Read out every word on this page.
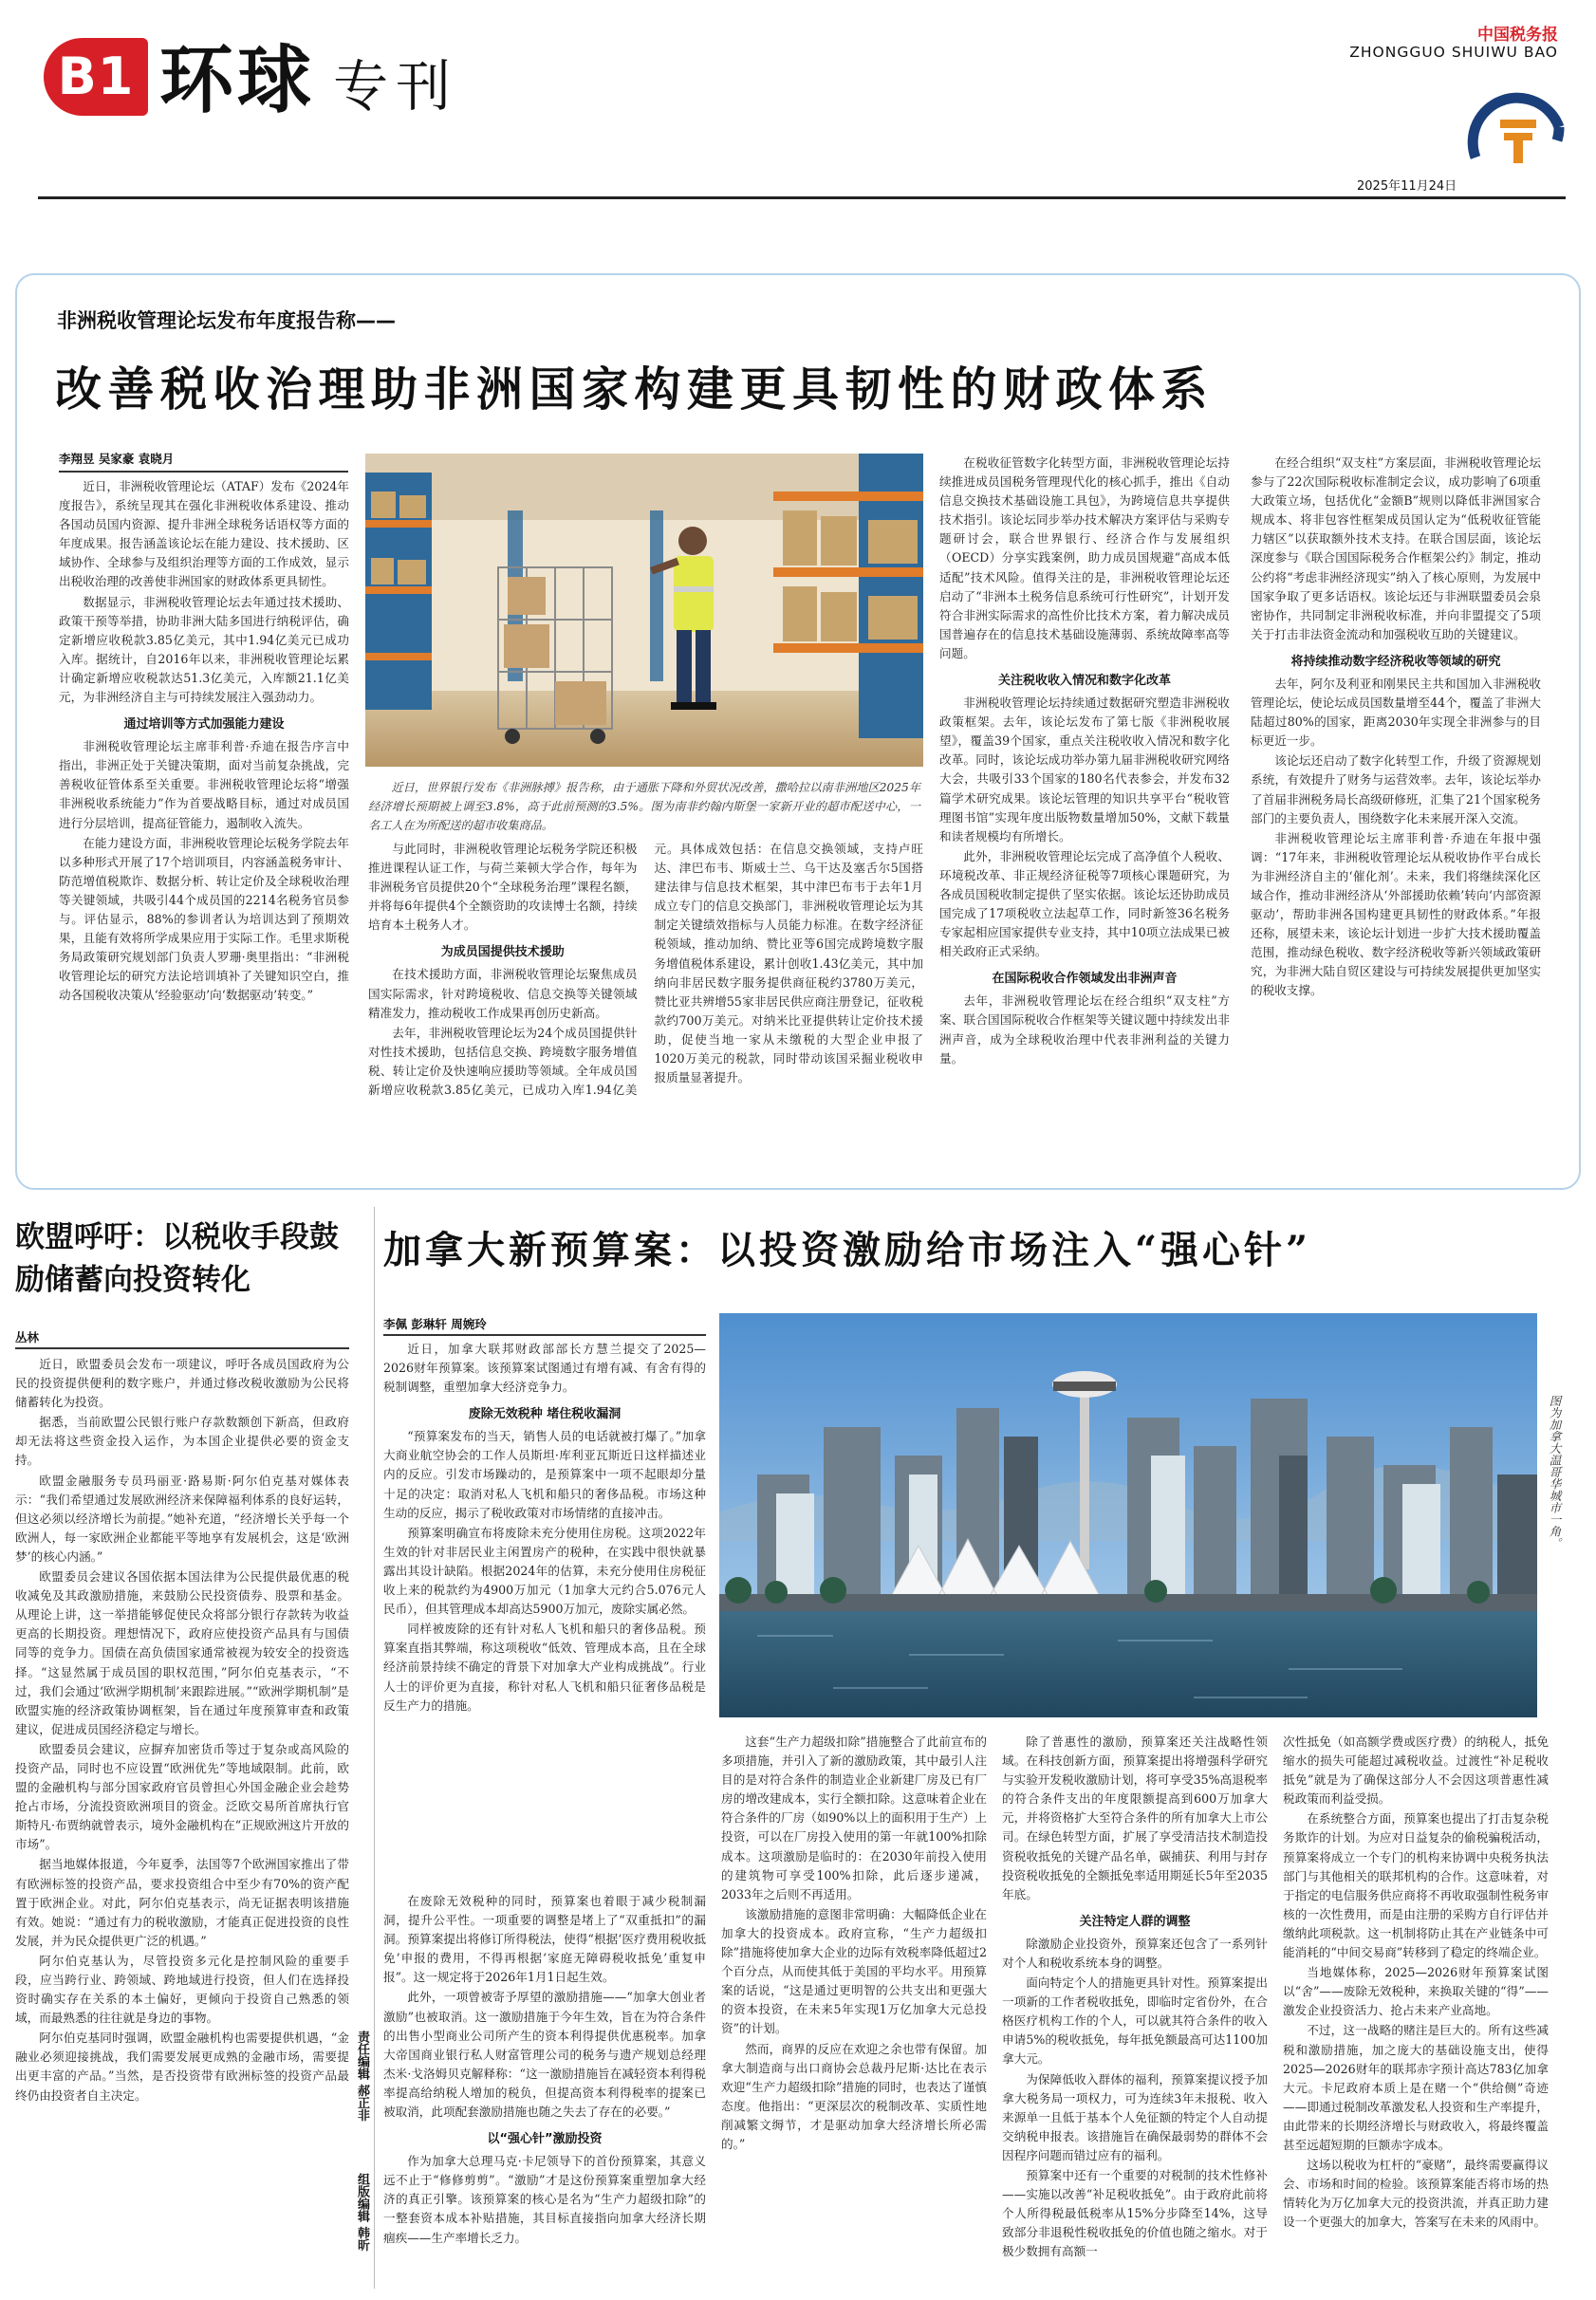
B1 环球 专刊
中国税务报
ZHONGGUO SHUIWU BAO
2025年11月24日
非洲税收管理论坛发布年度报告称——
改善税收治理助非洲国家构建更具韧性的财政体系
李翔昱 吴家豪 袁晓月

近日，非洲税收管理论坛（ATAF）发布《2024年度报告》，系统呈现其在强化非洲税收体系建设、推动各国动员国内资源、提升非洲全球税务话语权等方面的年度成果。报告涵盖该论坛在能力建设、技术援助、区域协作、全球参与及组织治理等方面的工作成效，显示出税收治理的改善使非洲国家的财政体系更具韧性。

数据显示，非洲税收管理论坛去年通过技术援助、政策干预等举措，协助非洲大陆多国进行纳税评估，确定新增应收税款3.85亿美元，其中1.94亿美元已成功入库。据统计，自2016年以来，非洲税收管理论坛累计确定新增应收税款达51.3亿美元，入库额21.1亿美元，为非洲经济自主与可持续发展注入强劲动力。

通过培训等方式加强能力建设

非洲税收管理论坛主席菲利普·乔迪在报告序言中指出，非洲正处于关键决策期，面对当前复杂挑战，完善税收征管体系至关重要。非洲税收管理论坛将“增强非洲税收系统能力”作为首要战略目标，通过对成员国进行分层培训，提高征管能力，遏制收入流失。

在能力建设方面，非洲税收管理论坛税务学院去年以多种形式开展了17个培训项目，内容涵盖税务审计、防范增值税欺诈、数据分析、转让定价及全球税收治理等关键领域，共吸引44个成员国的2214名税务官员参与。评估显示，88%的参训者认为培训达到了预期效果，且能有效将所学成果应用于实际工作。毛里求斯税务局政策研究规划部门负责人罗珊·奥里指出：“非洲税收管理论坛的研究方法论培训填补了关键知识空白，推动各国税收决策从‘经验驱动’向‘数据驱动’转变。”

近日，世界银行发布《非洲脉搏》报告称，由于通胀下降和外贸状况改善，撒哈拉以南非洲地区2025年经济增长预期被上调至3.8%，高于此前预测的3.5%。图为南非约翰内斯堡一家新开业的超市配送中心，一名工人在为所配送的超市收集商品。

与此同时，非洲税收管理论坛税务学院还积极推进课程认证工作，与荷兰莱顿大学合作，每年为非洲税务官员提供20个“全球税务治理”课程名额，并将每6年提供4个全额资助的攻读博士名额，持续培育本土税务人才。

为成员国提供技术援助

在技术援助方面，非洲税收管理论坛聚焦成员国实际需求，针对跨境税收、信息交换等关键领域精准发力，推动税收工作成果再创历史新高。

去年，非洲税收管理论坛为24个成员国提供针对性技术援助，包括信息交换、跨境数字服务增值税、转让定价及快速响应援助等领域。全年成员国新增应收税款3.85亿美元，已成功入库1.94亿美元。具体成效包括：在信息交换领域，支持卢旺达、津巴布韦、斯威士兰、乌干达及塞舌尔5国搭建法律与信息技术框架，其中津巴布韦于去年1月成立专门的信息交换部门，非洲税收管理论坛为其制定关键绩效指标与人员能力标准。在数字经济征税领域，推动加纳、赞比亚等6国完成跨境数字服务增值税体系建设，累计创收1.43亿美元，其中加纳向非居民数字服务提供商征税约3780万美元，赞比亚共辨增55家非居民供应商注册登记，征收税款约700万美元。对纳米比亚提供转让定价技术援助，促使当地一家从未缴税的大型企业申报了1020万美元的税款，同时带动该国采掘业税收申报质量显著提升。

在税收征管数字化转型方面，非洲税收管理论坛持续推进成员国税务管理现代化的核心抓手，推出《自动信息交换技术基础设施工具包》，为跨境信息共享提供技术指引。该论坛同步举办技术解决方案评估与采购专题研讨会，联合世界银行、经济合作与发展组织（OECD）分享实践案例，助力成员国规避“高成本低适配”技术风险。值得关注的是，非洲税收管理论坛还启动了“非洲本土税务信息系统可行性研究”，计划开发符合非洲实际需求的高性价比技术方案，着力解决成员国普遍存在的信息技术基础设施薄弱、系统故障率高等问题。

关注税收收入情况和数字化改革

非洲税收管理论坛持续通过数据研究塑造非洲税收政策框架。去年，该论坛发布了第七版《非洲税收展望》，覆盖39个国家，重点关注税收收入情况和数字化改革。同时，该论坛成功举办第九届非洲税收研究网络大会，共吸引33个国家的180名代表参会，并发布32篇学术研究成果。该论坛管理的知识共享平台“税收管理图书馆”实现年度出版物数量增加50%，文献下载量和读者规模均有所增长。

此外，非洲税收管理论坛完成了高净值个人税收、环境税改革、非正规经济征税等7项核心课题研究，为各成员国税收制定提供了坚实依据。该论坛还协助成员国完成了17项税收立法起草工作，同时新签36名税务专家起相应国家提供专业支持，其中10项立法成果已被相关政府正式采纳。

在国际税收合作领域发出非洲声音

去年，非洲税收管理论坛在经合组织“双支柱”方案、联合国国际税收合作框架等关键议题中持续发出非洲声音，成为全球税收治理中代表非洲利益的关键力量。

在经合组织“双支柱”方案层面，非洲税收管理论坛参与了22次国际税收标准制定会议，成功影响了6项重大政策立场，包括优化“金额B”规则以降低非洲国家合规成本、将非包容性框架成员国认定为“低税收征管能力辖区”以获取额外技术支持。在联合国层面，该论坛深度参与《联合国国际税务合作框架公约》制定，推动公约将“考虑非洲经济现实”纳入了核心原则，为发展中国家争取了更多话语权。该论坛还与非洲联盟委员会泉密协作，共同制定非洲税收标准，并向非盟提交了5项关于打击非法资金流动和加强税收互助的关键建议。

将持续推动数字经济税收等领域的研究

去年，阿尔及利亚和刚果民主共和国加入非洲税收管理论坛，使论坛成员国数量增至44个，覆盖了非洲大陆超过80%的国家，距离2030年实现全非洲参与的目标更近一步。

该论坛还启动了数字化转型工作，升级了资源规划系统，有效提升了财务与运营效率。去年，该论坛举办了首届非洲税务局长高级研修班，汇集了21个国家税务部门的主要负责人，围绕数字化未来展开深入交流。

非洲税收管理论坛主席菲利普·乔迪在年报中强调：“17年来，非洲税收管理论坛从税收协作平台成长为非洲经济自主的‘催化剂’。未来，我们将继续深化区域合作，推动非洲经济从‘外部援助依赖’转向‘内部资源驱动’，帮助非洲各国构建更具韧性的财政体系。”年报还称，展望未来，该论坛计划进一步扩大技术援助覆盖范围，推动绿色税收、数字经济税收等新兴领域政策研究，为非洲大陆自贸区建设与可持续发展提供更加坚实的税收支撑。

欧盟呼吁：以税收手段鼓励储蓄向投资转化
丛林

近日，欧盟委员会发布一项建议，呼吁各成员国政府为公民的投资提供便利的数字账户，并通过修改税收激励为公民将储蓄转化为投资。

据悉，当前欧盟公民银行账户存款数额创下新高，但政府却无法将这些资金投入运作，为本国企业提供必要的资金支持。

欧盟金融服务专员玛丽亚·路易斯·阿尔伯克基对媒体表示：“我们希望通过发展欧洲经济来保障福利体系的良好运转，但这必须以经济增长为前提。”她补充道，“经济增长关乎每一个欧洲人，每一家欧洲企业都能平等地享有发展机会，这是‘欧洲梦’的核心内涵。”

欧盟委员会建议各国依据本国法律为公民提供最优惠的税收减免及其政激励措施，来鼓励公民投资债券、股票和基金。从理论上讲，这一举措能够促使民众将部分银行存款转为收益更高的长期投资。理想情况下，政府应使投资产品具有与国债同等的竞争力。国债在高负债国家通常被视为较安全的投资选择。“这显然属于成员国的职权范围，”阿尔伯克基表示，“不过，我们会通过‘欧洲学期机制’来跟踪进展。”“欧洲学期机制”是欧盟实施的经济政策协调框架，旨在通过年度预算审查和政策建议，促进成员国经济稳定与增长。

欧盟委员会建议，应摒弃加密货币等过于复杂或高风险的投资产品，同时也不应设置“欧洲优先”等地域限制。此前，欧盟的金融机构与部分国家政府官员曾担心外国金融企业会趁势抢占市场，分流投资欧洲项目的资金。泛欧交易所首席执行官斯特凡·布贾纳就曾表示，境外金融机构在“正规欧洲这片开放的市场”。

据当地媒体报道，今年夏季，法国等7个欧洲国家推出了带有欧洲标签的投资产品，要求投资组合中至少有70%的资产配置于欧洲企业。对此，阿尔伯克基表示，尚无证据表明该措施有效。她说：“通过有力的税收激励，才能真正促进投资的良性发展，并为民众提供更广泛的机遇。”

阿尔伯克基认为，尽管投资多元化是控制风险的重要手段，应当跨行业、跨领域、跨地域进行投资，但人们在选择投资时确实存在关系的本土偏好，更倾向于投资自己熟悉的领域，而最熟悉的往往就是身边的事物。

阿尔伯克基同时强调，欧盟金融机构也需要提供机遇，“金融业必须迎接挑战，我们需要发展更成熟的金融市场，需要提出更丰富的产品。”当然，是否投资带有欧洲标签的投资产品最终仍由投资者自主决定。	责任编辑 郝正非
组版编辑 韩昕
加拿大新预算案：以投资激励给市场注入“强心针”
李佩 彭琳轩 周婉玲

近日，加拿大联邦财政部部长方慧兰提交了2025—2026财年预算案。该预算案试图通过有增有减、有舍有得的税制调整，重塑加拿大经济竞争力。

废除无效税种 堵住税收漏洞

“预算案发布的当天，销售人员的电话就被打爆了。”加拿大商业航空协会的工作人员斯坦·库利亚瓦斯近日这样描述业内的反应。引发市场躁动的，是预算案中一项不起眼却分量十足的决定：取消对私人飞机和船只的奢侈品税。市场这种生动的反应，揭示了税收政策对市场情绪的直接冲击。

预算案明确宣布将废除未充分使用住房税。这项2022年生效的针对非居民业主闲置房产的税种，在实践中很快就暴露出其设计缺陷。根据2024年的估算，未充分使用住房税征收上来的税款约为4900万加元（1加拿大元约合5.076元人民币），但其管理成本却高达5900万加元，废除实属必然。

同样被废除的还有针对私人飞机和船只的奢侈品税。预算案直指其弊端，称这项税收“低效、管理成本高，且在全球经济前景持续不确定的背景下对加拿大产业构成挑战”。行业人士的评价更为直接，称针对私人飞机和船只征奢侈品税是反生产力的措施。

图为加拿大温哥华城市一角。

在废除无效税种的同时，预算案也着眼于减少税制漏洞，提升公平性。一项重要的调整是堵上了“双重抵扣”的漏洞。预算案提出将修订所得税法，使得“根据‘医疗费用税收抵免’申报的费用，不得再根据‘家庭无障碍税收抵免’重复申报”。这一规定将于2026年1月1日起生效。

此外，一项曾被寄予厚望的激励措施——“加拿大创业者激励”也被取消。这一激励措施于今年生效，旨在为符合条件的出售小型商业公司所产生的资本利得提供优惠税率。加拿大帝国商业银行私人财富管理公司的税务与遗产规划总经理杰米·戈洛姆贝克解释称：“这一激励措施旨在减轻资本利得税率提高给纳税人增加的税负，但提高资本利得税率的提案已被取消，此项配套激励措施也随之失去了存在的必要。”

以“强心针”激励投资

作为加拿大总理马克·卡尼领导下的首份预算案，其意义远不止于“修修剪剪”。“激励”才是这份预算案重塑加拿大经济的真正引擎。该预算案的核心是名为“生产力超级扣除”的一整套资本成本补贴措施，其目标直接指向加拿大经济长期痼疾——生产率增长乏力。

这套“生产力超级扣除”措施整合了此前宣布的多项措施，并引入了新的激励政策，其中最引人注目的是对符合条件的制造业企业新建厂房及已有厂房的增改建成本，实行全额扣除。这意味着企业在符合条件的厂房（如90%以上的面积用于生产）上投资，可以在厂房投入使用的第一年就100%扣除成本。这项激励是临时的：在2030年前投入使用的建筑物可享受100%扣除，此后逐步递减，2033年之后则不再适用。

该激励措施的意图非常明确：大幅降低企业在加拿大的投资成本。政府宣称，“生产力超级扣除”措施将使加拿大企业的边际有效税率降低超过2个百分点，从而使其低于美国的平均水平。用预算案的话说，“这是通过更明智的公共支出和更强大的资本投资，在未来5年实现1万亿加拿大元总投资”的计划。

然而，商界的反应在欢迎之余也带有保留。加拿大制造商与出口商协会总裁丹尼斯·达比在表示欢迎“生产力超级扣除”措施的同时，也表达了谨慎态度。他指出：“更深层次的税制改革、实质性地削减繁文缛节，才是驱动加拿大经济增长所必需的。”

除了普惠性的激励，预算案还关注战略性领域。在科技创新方面，预算案提出将增强科学研究与实验开发税收激励计划，将可享受35%高退税率的符合条件支出的年度限额提高到600万加拿大元，并将资格扩大至符合条件的所有加拿大上市公司。在绿色转型方面，扩展了享受清洁技术制造投资税收抵免的关键产品名单，碳捕获、利用与封存投资税收抵免的全额抵免率适用期延长5年至2035年底。

关注特定人群的调整

除激励企业投资外，预算案还包含了一系列针对个人和税收系统本身的调整。

面向特定个人的措施更具针对性。预算案提出一项新的工作者税收抵免，即临时定省份外，在合格医疗机构工作的个人，可以就其符合条件的收入申请5%的税收抵免，每年抵免额最高可达1100加拿大元。

为保障低收入群体的福利，预算案提议授予加拿大税务局一项权力，可为连续3年未报税、收入来源单一且低于基本个人免征额的特定个人自动提交纳税申报表。该措施旨在确保最弱势的群体不会因程序问题而错过应有的福利。

预算案中还有一个重要的对税制的技术性修补——实施以改善“补足税收抵免”。由于政府此前将个人所得税最低税率从15%分步降至14%，这导致部分非退税性税收抵免的价值也随之缩水。对于极少数拥有高额一

次性抵免（如高额学费或医疗费）的纳税人，抵免缩水的损失可能超过减税收益。过渡性“补足税收抵免”就是为了确保这部分人不会因这项普惠性减税政策而利益受损。

在系统整合方面，预算案也提出了打击复杂税务欺诈的计划。为应对日益复杂的偷税骗税活动，预算案将成立一个专门的机构来协调中央税务执法部门与其他相关的联邦机构的合作。这意味着，对于指定的电信服务供应商将不再收取强制性税务审核的一次性费用，而是由注册的采购方自行评估并缴纳此项税款。这一机制将防止其在产业链条中可能消耗的“中间交易商”转移到了稳定的终端企业。

当地媒体称，2025—2026财年预算案试图以“舍”——废除无效税种，来换取关键的“得”——激发企业投资活力、抢占未来产业高地。

不过，这一战略的赌注是巨大的。所有这些减税和激励措施，加之庞大的基础设施支出，使得2025—2026财年的联邦赤字预计高达783亿加拿大元。卡尼政府本质上是在赌一个“供给侧”奇迹——即通过税制改革激发私人投资和生产率提升，由此带来的长期经济增长与财政收入，将最终覆盖甚至远超短期的巨额赤字成本。

这场以税收为杠杆的“豪赌”，最终需要赢得议会、市场和时间的检验。该预算案能否将市场的热情转化为万亿加拿大元的投资洪流，并真正助力建设一个更强大的加拿大，答案写在未来的风雨中。
